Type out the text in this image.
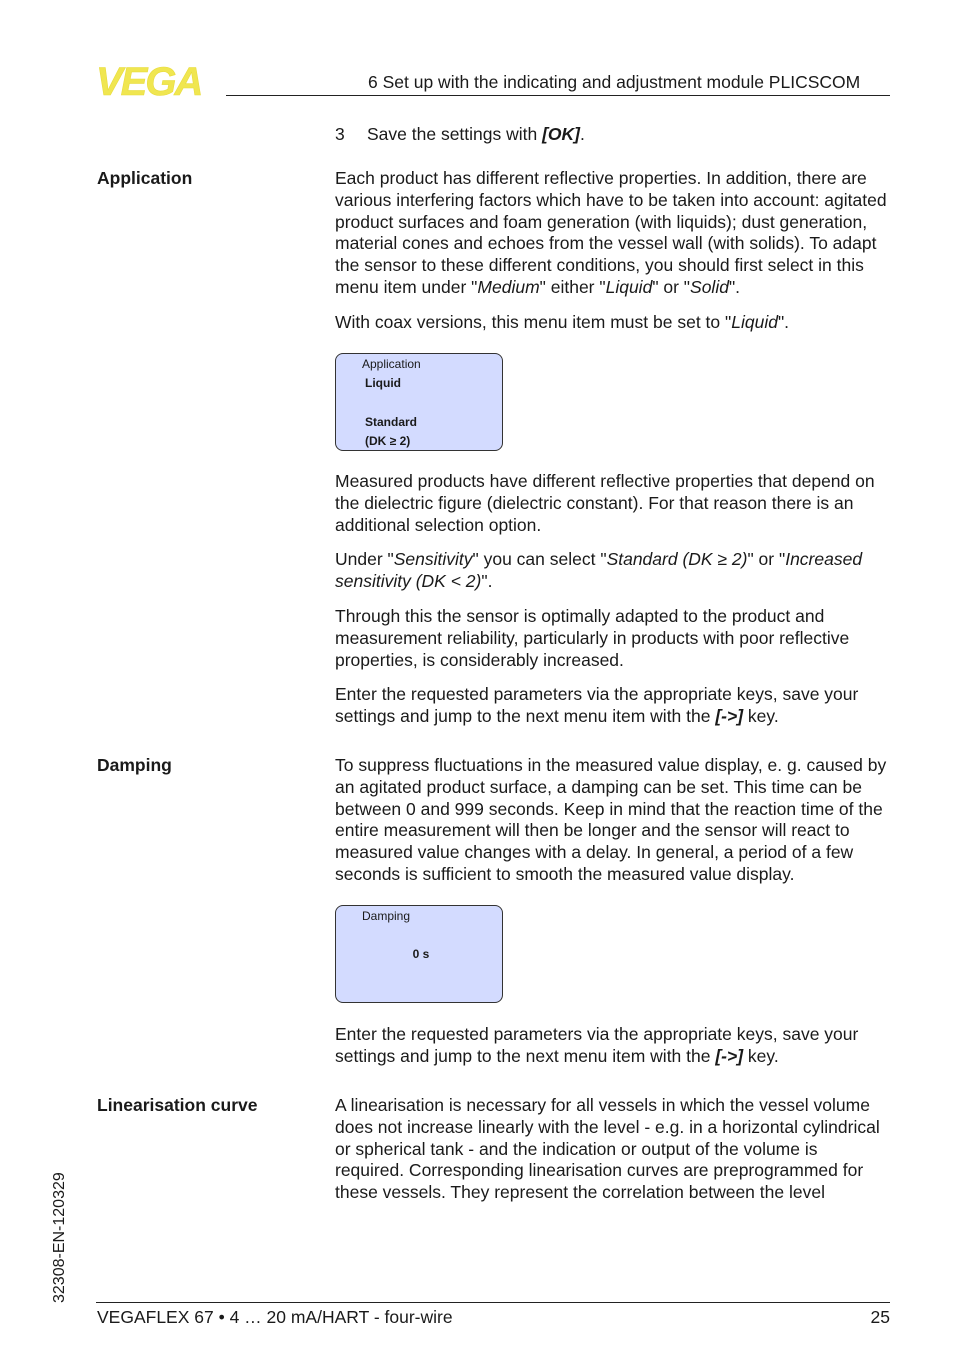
VEGA	6 Set up with the indicating and adjustment module PLICSCOM
3 Save the settings with [OK].
Application	Each product has different reflective properties. In addition, there are various interfering factors which have to be taken into account: agitated product surfaces and foam generation (with liquids); dust generation, material cones and echoes from the vessel wall (with solids). To adapt the sensor to these different conditions, you should first select in this menu item under "Medium" either "Liquid" or "Solid".

With coax versions, this menu item must be set to "Liquid".

Application
Liquid
Standard
(DK ≥ 2)

Measured products have different reflective properties that depend on the dielectric figure (dielectric constant). For that reason there is an additional selection option.

Under "Sensitivity" you can select "Standard (DK ≥ 2)" or "Increased sensitivity (DK < 2)".

Through this the sensor is optimally adapted to the product and measurement reliability, particularly in products with poor reflective properties, is considerably increased.

Enter the requested parameters via the appropriate keys, save your settings and jump to the next menu item with the [->] key.

Damping	To suppress fluctuations in the measured value display, e. g. caused by an agitated product surface, a damping can be set. This time can be between 0 and 999 seconds. Keep in mind that the reaction time of the entire measurement will then be longer and the sensor will react to measured value changes with a delay. In general, a period of a few seconds is sufficient to smooth the measured value display.

Damping
0 s

Enter the requested parameters via the appropriate keys, save your settings and jump to the next menu item with the [->] key.

Linearisation curve	A linearisation is necessary for all vessels in which the vessel volume does not increase linearly with the level - e.g. in a horizontal cylindrical or spherical tank - and the indication or output of the volume is required. Corresponding linearisation curves are preprogrammed for these vessels. They represent the correlation between the level

32308-EN-120329
VEGAFLEX 67 • 4 … 20 mA/HART - four-wire	25
